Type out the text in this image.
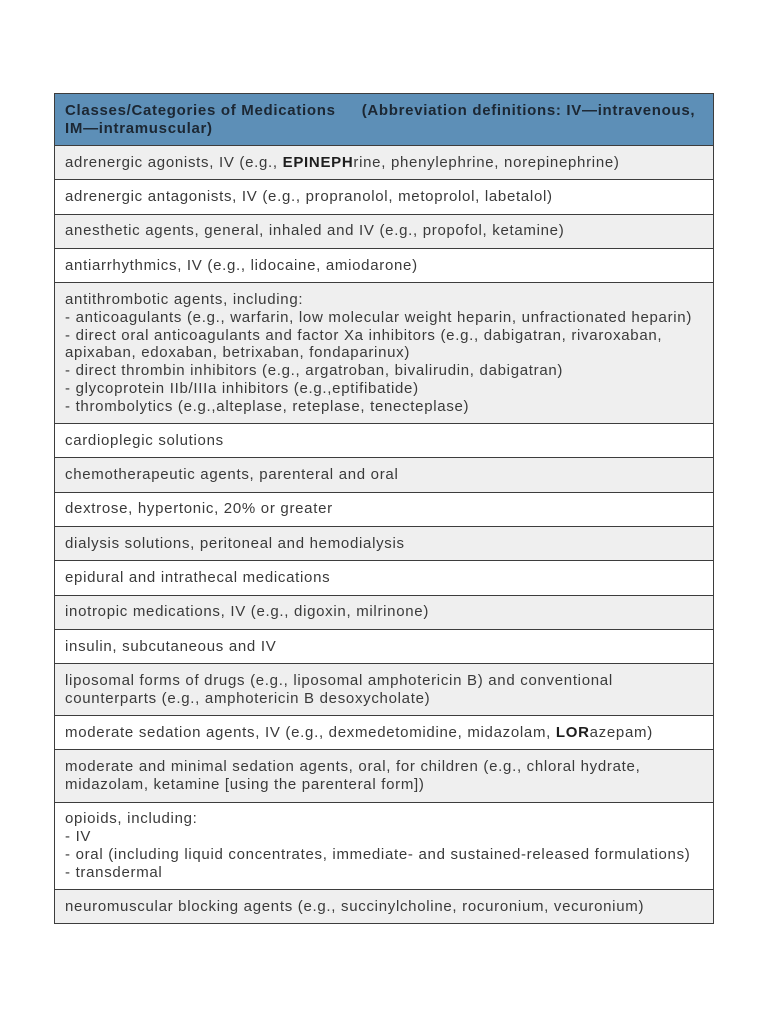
Classes/Categories of Medications (Abbreviation definitions: IV—intravenous,
IM—intramuscular)
adrenergic agonists, IV (e.g., EPINEPHrine, phenylephrine, norepinephrine)
adrenergic antagonists, IV (e.g., propranolol, metoprolol, labetalol)
anesthetic agents, general, inhaled and IV (e.g., propofol, ketamine)
antiarrhythmics, IV (e.g., lidocaine, amiodarone)
antithrombotic agents, including:
- anticoagulants (e.g., warfarin, low molecular weight heparin, unfractionated heparin)
- direct oral anticoagulants and factor Xa inhibitors (e.g., dabigatran, rivaroxaban,
apixaban, edoxaban, betrixaban, fondaparinux)
- direct thrombin inhibitors (e.g., argatroban, bivalirudin, dabigatran)
- glycoprotein IIb/IIIa inhibitors (e.g.,eptifibatide)
- thrombolytics (e.g.,alteplase, reteplase, tenecteplase)
cardioplegic solutions
chemotherapeutic agents, parenteral and oral
dextrose, hypertonic, 20% or greater
dialysis solutions, peritoneal and hemodialysis
epidural and intrathecal medications
inotropic medications, IV (e.g., digoxin, milrinone)
insulin, subcutaneous and IV
liposomal forms of drugs (e.g., liposomal amphotericin B) and conventional
counterparts (e.g., amphotericin B desoxycholate)
moderate sedation agents, IV (e.g., dexmedetomidine, midazolam, LORazepam)
moderate and minimal sedation agents, oral, for children (e.g., chloral hydrate,
midazolam, ketamine [using the parenteral form])
opioids, including:
- IV
- oral (including liquid concentrates, immediate- and sustained-released formulations)
- transdermal
neuromuscular blocking agents (e.g., succinylcholine, rocuronium, vecuronium)
